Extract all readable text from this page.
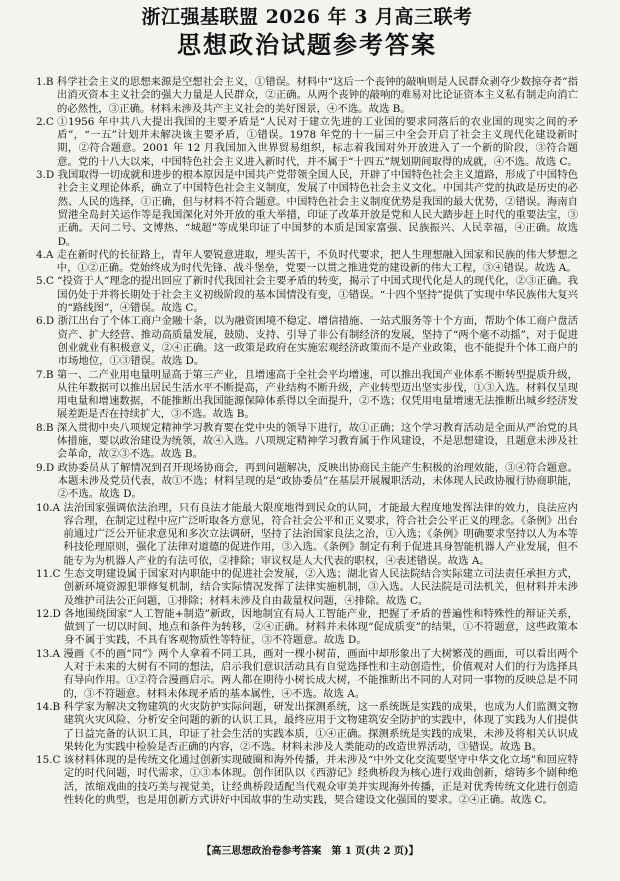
浙江强基联盟 2026 年 3 月高三联考
思想政治试题参考答案
1.B 科学社会主义的思想来源是空想社会主义，①错误。材料中“这后一个丧钟的敲响则是人民群众剥夺少数掠夺者”指出消灭资本主义社会的强大力量是人民群众，②正确。从两个丧钟的敲响的难易对比论证资本主义私有制走向消亡的必然性，③正确。材料未涉及共产主义社会的美好图景，④不选。故选 B。
2.C ①1956 年中共八大提出我国的主要矛盾是“人民对于建立先进的工业国的要求同落后的农业国的现实之间的矛盾”，“一五”计划并未解决该主要矛盾，①错误。1978 年党的十一届三中全会开启了社会主义现代化建设新时期，②符合题意。2001 年 12 月我国加入世界贸易组织，标志着我国对外开放进入了一个新的阶段，③符合题意。党的十八大以来，中国特色社会主义进入新时代，并不属于“十四五”规划期间取得的成就，④不选。故选 C。
3.D 我国取得一切成就和进步的根本原因是中国共产党带领全国人民，开辟了中国特色社会主义道路，形成了中国特色社会主义理论体系，确立了中国特色社会主义制度，发展了中国特色社会主义文化。中国共产党的执政是历史的必然、人民的选择，①正确，但与材料不符合题意。中国特色社会主义制度优势是我国的最大优势，②错误。海南自贸港全岛封关运作等是我国深化对外开放的重大举措，印证了改革开放是党和人民大踏步赶上时代的重要法宝，③正确。天问二号、文博热、“城超”等成果印证了中国梦的本质是国家富强、民族振兴、人民幸福，④正确。故选 D。
4.A 走在新时代的长征路上，青年人要锐意进取，埋头苦干，不负时代要求，把人生理想融入国家和民族的伟大梦想之中，①②正确。党始终成为时代先锋、战斗堡垒，党要一以贯之推进党的建设新的伟大工程，③④错误。故选 A。
5.C “投资于人”理念的提出回应了新时代我国社会主要矛盾的转变，揭示了中国式现代化是人的现代化，②③正确。我国仍处于并将长期处于社会主义初级阶段的基本国情没有变，①错误。“十四个坚持”提供了实现中华民族伟大复兴的“路线图”，④错误。故选 C。
6.D 浙江出台了个体工商户金融十条，以为融资困境不稳定、增信措施、一站式服务等十个方面，帮助个体工商户盘活资产、扩大经营、推动高质量发展，鼓励、支持、引导了非公有制经济的发展，坚持了“两个毫不动摇”，对于促进创业就业有积极意义，②④正确。这一政策是政府在实施宏观经济政策而不是产业政策，也不能提升个体工商户的市场地位，①③错误。故选 D。
7.B 第一、二产业用电量明显高于第三产业，且增速高于全社会平均增速，可以推出我国产业体系不断转型提质升级，从往年数据可以推出居民生活水平不断提高，产业结构不断升级，产业转型迈出坚实步伐，①③入选。材料仅呈现用电量和增速数据，不能推断出我国能源保障体系得以全面提升，②不选；仅凭用电量增速无法推断出城乡经济发展差距是否在持续扩大，③不选。故选 B。
8.B 深入贯彻中央八项规定精神学习教育要在党中央的领导下进行，故①正确；这个学习教育活动是全面从严治党的具体措施，要以政治建设为统领，故④入选。八项规定精神学习教育属于作风建设，不是思想建设，且题意未涉及社会革命，故②③不选。故选 B。
9.D 政协委员从了解情况到召开现场协商会，再到问题解决，反映出协商民主能产生积极的治理效能，③④符合题意。本题未涉及党员代表，故①不选；材料呈现的是“政协委员”在基层开展履职活动，未体现人民政协履行协商职能，②不选。故选 D。
10.A 法治国家强调依法治理，只有良法才能最大限度地得到民众的认同，才能最大程度地发挥法律的效力，良法应内容合理，在制定过程中应广泛听取各方意见，符合社会公平和正义要求，符合社会公平正义的理念。《条例》出台前通过广泛公开征求意见和多次立法调研，坚持了法治国家良法之治，①入选；《条例》明确要求坚持以人为本等科技伦理原则，强化了法律对道德的促进作用，③入选。《条例》制定有利于促进具身智能机器人产业发展，但不能专为为机器人产业的有法可依，②排除；审议权是人大代表的职权，④表述错误。故选 A。
11.C 生态文明建设属于国家对内职能中的促进社会发展，②入选；湖北省人民法院结合实际建立司法责任承担方式，创新环境资源犯罪修复机制，结合实际情况发挥了法律实施机制，③入选。人民法院是司法机关，但材料并未涉及维护司法公正问题，①排除；材料未涉及自由裁量权问题，④排除。故选 C。
12.D 各地围绕国家“人工智能+制造”新政，因地制宜有局人工智能产业，把握了矛盾的普遍性和特殊性的辩证关系，做到了一切以时间、地点和条件为转移，②④正确。材料并未体现“促成质变”的结果，①不符题意，这些政策本身不属于实践，不具有客观物质性等特征，③不符题意。故选 D。
13.A 漫画《不的画“同”》两个人拿着不同工具，画对一棵小树苗，画面中却形象出了大树繁茂的画面，可以看出两个人对于未来的大树有不同的想法，启示我们意识活动具有自觉选择性和主动创造性，价值观对人们的行为选择具有导向作用。①②符合漫画启示。两人都在期待小树长成大树，不能推断出不同的人对同一事物的反映总是不同的，③不符题意。材料未体现矛盾的基本属性，④不选。故选 A。
14.B 科学家为解决文物建筑的火灾防护实际问题，研发出探测系统，这一系统既是实践的成果，也成为人们监测文物建筑火灾风险、分析安全问题的新的认识工具，最终应用于文物建筑安全防护的实践中，体现了实践为人们提供了日益完备的认识工具，印证了社会生活的实践本质，①④正确。探测系统是实践的成果，未涉及将相关认识成果转化为实践中检验是否正确的内容，②不选。材料未涉及人类能动的改造世界活动，③错误。故选 B。
15.C 该材料体现的是传统文化通过创新实现破圈和海外传播，并未涉及“中外文化交流要坚守中华文化立场”和回应特定的时代问题，时代需求，①③本体现。创作团队以《西游记》经典桥段为核心进行戏曲创新，熔铸多个剧种绝活，浓缩戏曲的技巧美与视觉美，让经典桥段适配当代观众审美并实现海外传播，正是对优秀传统文化进行创造性转化的典型，也是用创新方式讲好中国故事的生动实践，契合建设文化强国的要求。②④正确。故选 C。
【高三思想政治卷参考答案　第 1 页(共 2 页)】
